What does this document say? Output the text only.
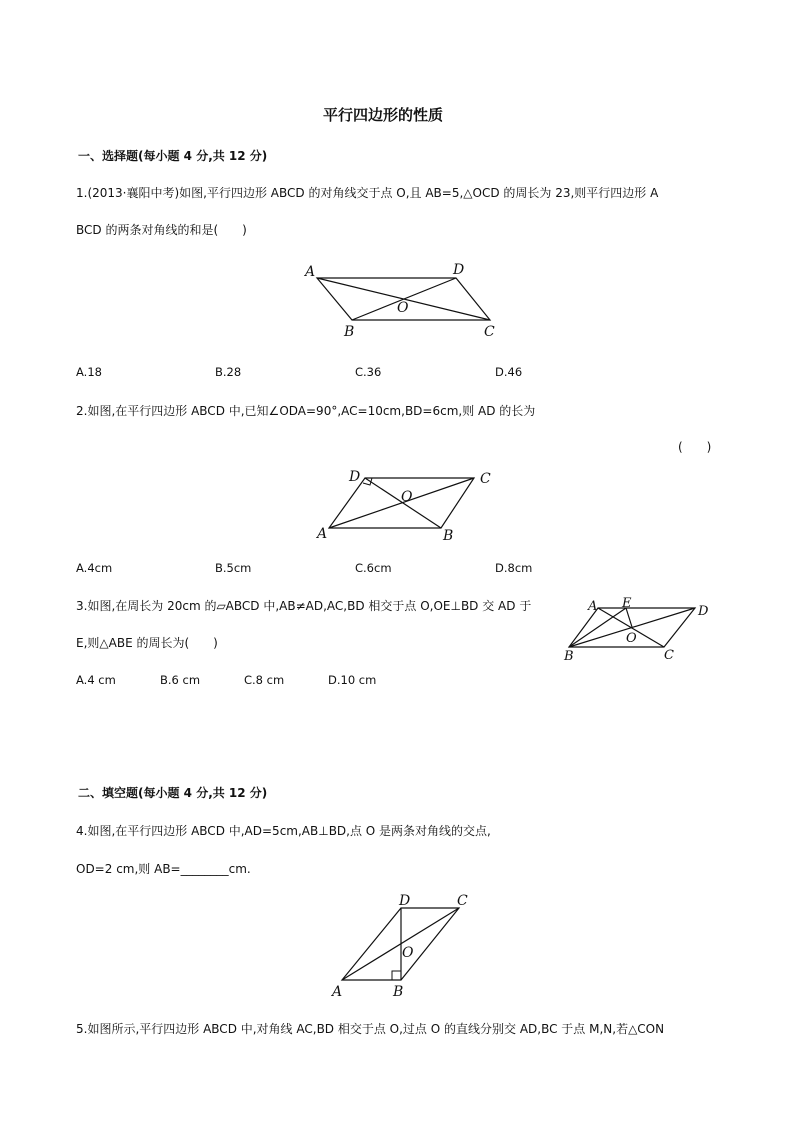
平行四边形的性质
一、选择题(每小题 4 分,共 12 分)
1.(2013·襄阳中考)如图,平行四边形 ABCD 的对角线交于点 O,且 AB=5,△OCD 的周长为 23,则平行四边形 A
BCD 的两条对角线的和是(　　)
A	D
O
B	C
A.18	B.28	C.36	D.46
2.如图,在平行四边形 ABCD 中,已知∠ODA=90°,AC=10cm,BD=6cm,则 AD 的长为
(　　)
D	C
O
A	B
A.4cm	B.5cm	C.6cm	D.8cm
3.如图,在周长为 20cm 的▱ABCD 中,AB≠AD,AC,BD 相交于点 O,OE⊥BD 交 AD 于
E,则△ABE 的周长为(　　)
A E
D
O
B	C
A.4 cm	B.6 cm	C.8 cm	D.10 cm
二、填空题(每小题 4 分,共 12 分)
4.如图,在平行四边形 ABCD 中,AD=5cm,AB⊥BD,点 O 是两条对角线的交点,
OD=2 cm,则 AB=________cm.
D	C
O
A	B
5.如图所示,平行四边形 ABCD 中,对角线 AC,BD 相交于点 O,过点 O 的直线分别交 AD,BC 于点 M,N,若△CON
